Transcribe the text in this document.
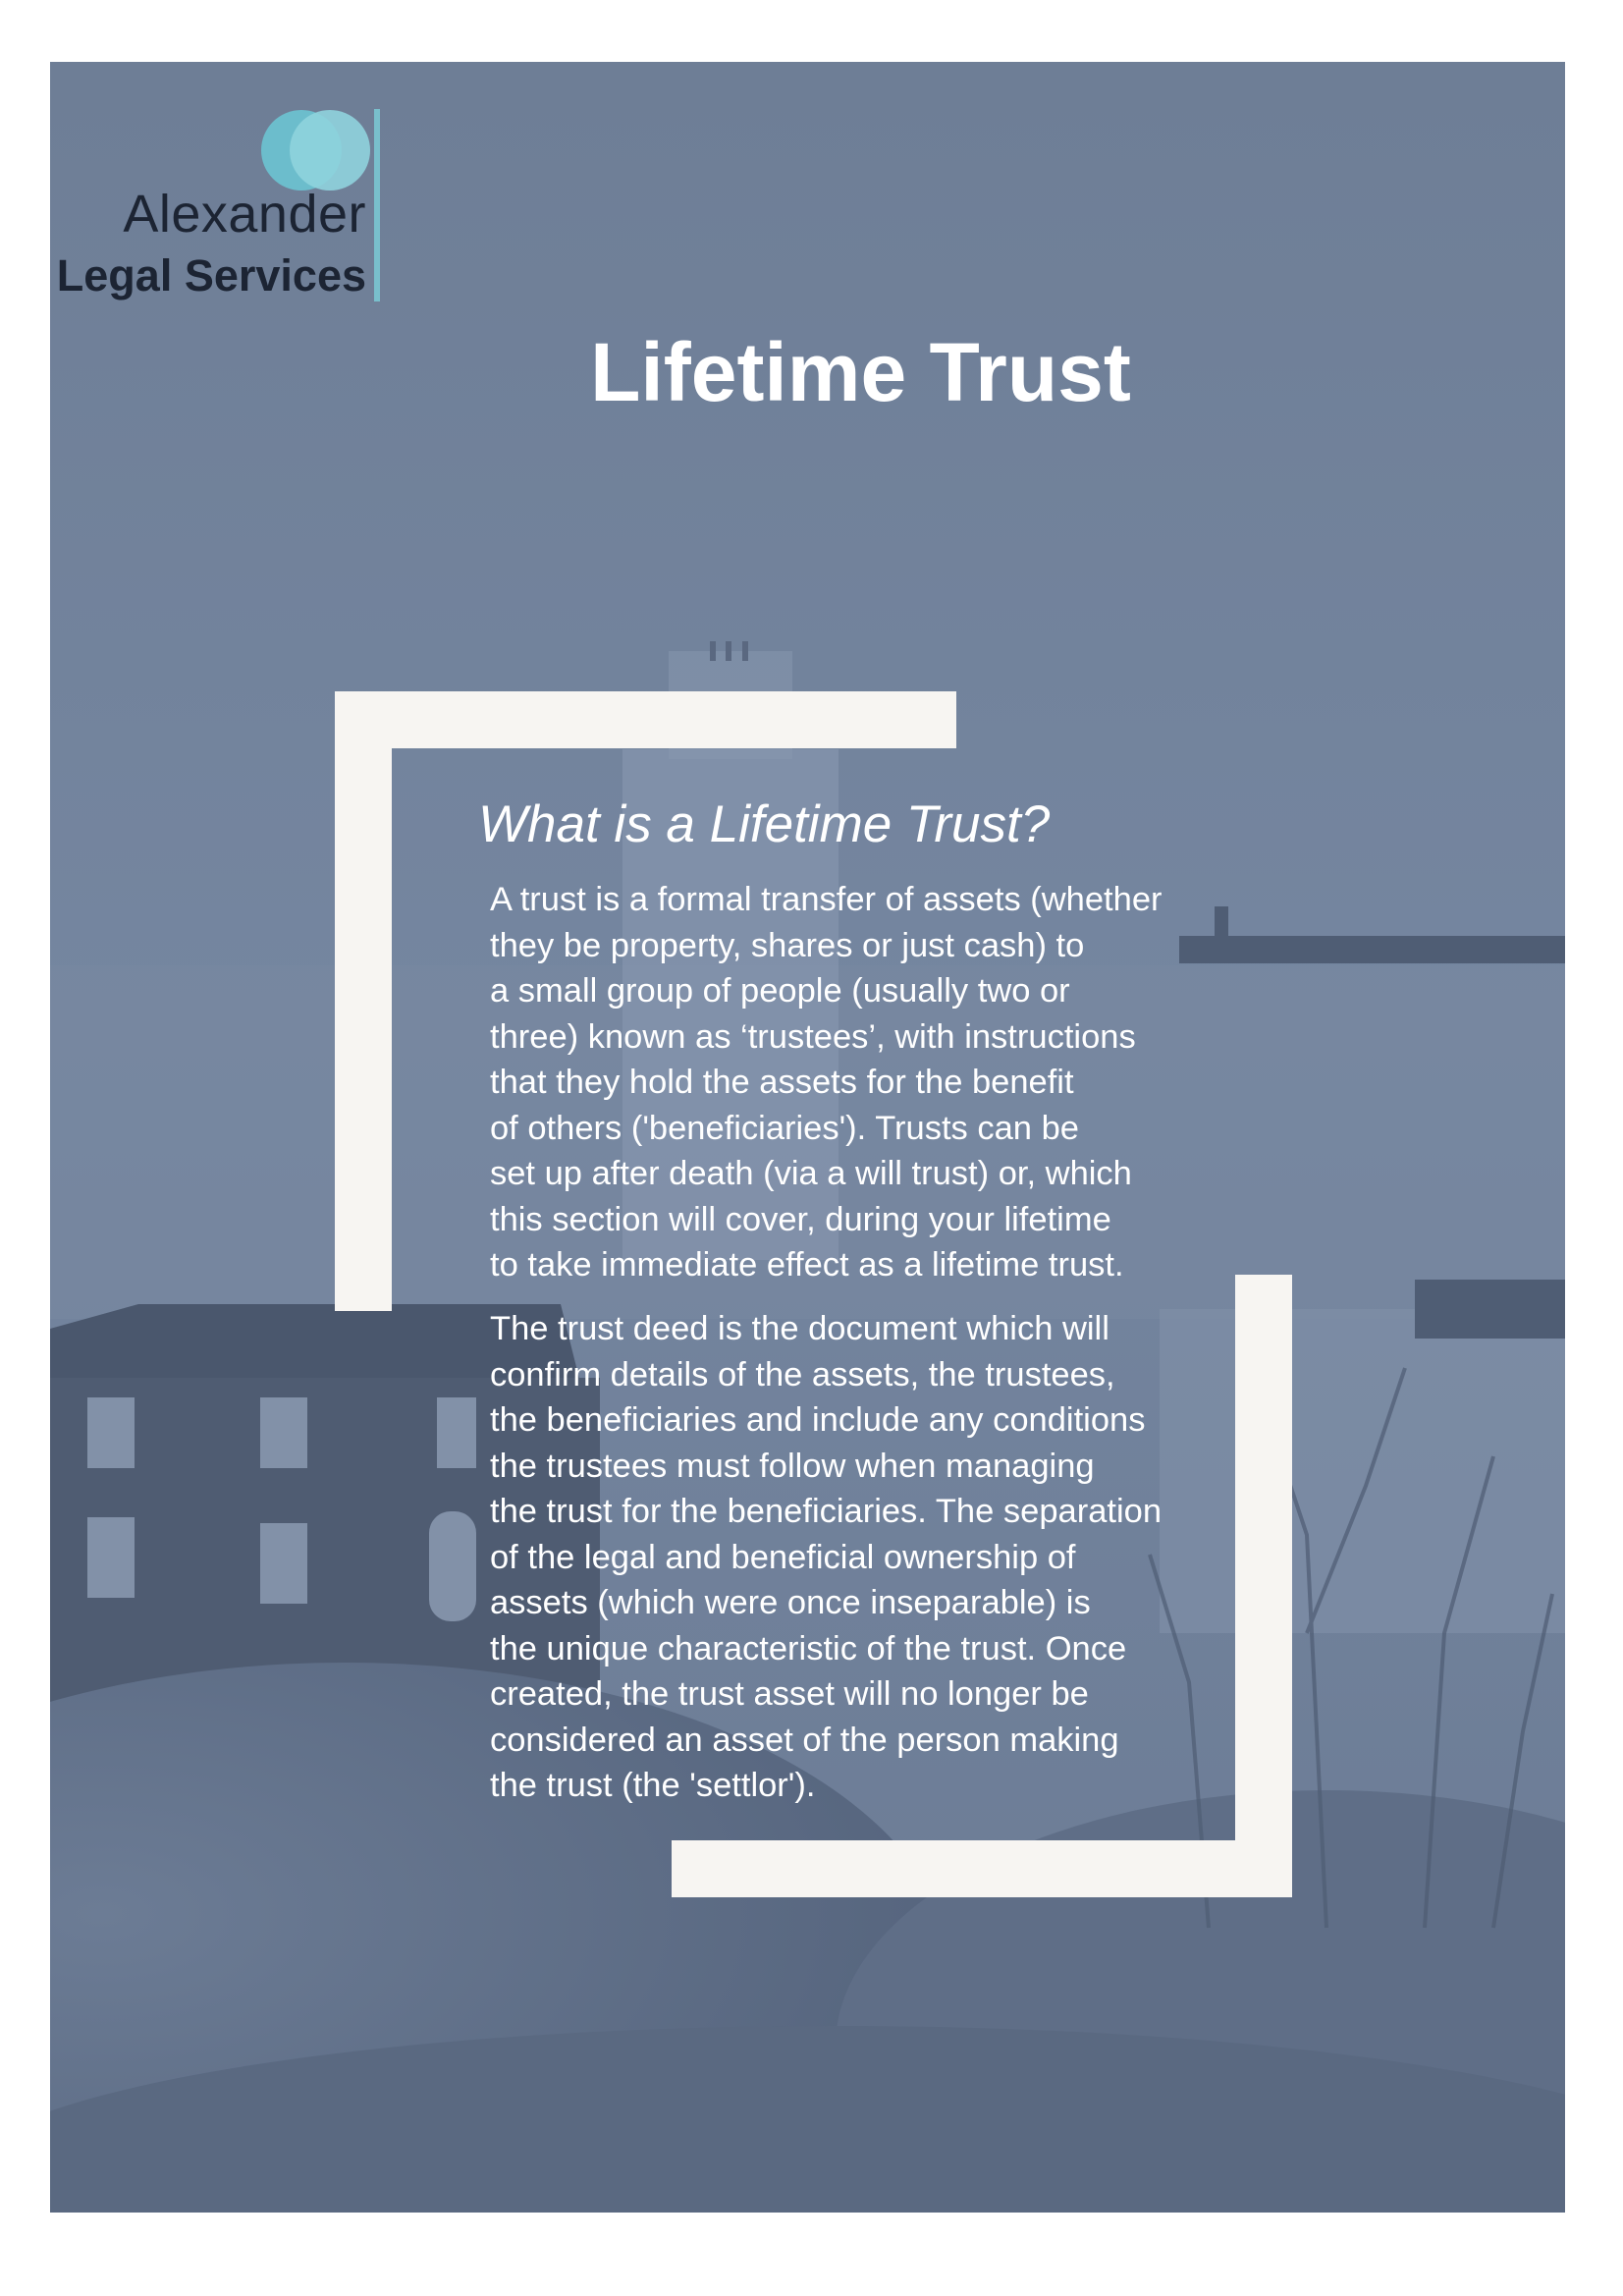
Alexander
Legal Services
Lifetime Trust
What is a Lifetime Trust?
A trust is a formal transfer of assets (whether
they be property, shares or just cash) to
a small group of people (usually two or
three) known as ‘trustees’, with instructions
that they hold the assets for the benefit
of others ('beneficiaries'). Trusts can be
set up after death (via a will trust) or, which
this section will cover, during your lifetime
to take immediate effect as a lifetime trust.
The trust deed is the document which will
confirm details of the assets, the trustees,
the beneficiaries and include any conditions
the trustees must follow when managing
the trust for the beneficiaries. The separation
of the legal and beneficial ownership of
assets (which were once inseparable) is
the unique characteristic of the trust. Once
created, the trust asset will no longer be
considered an asset of the person making
the trust (the 'settlor').
